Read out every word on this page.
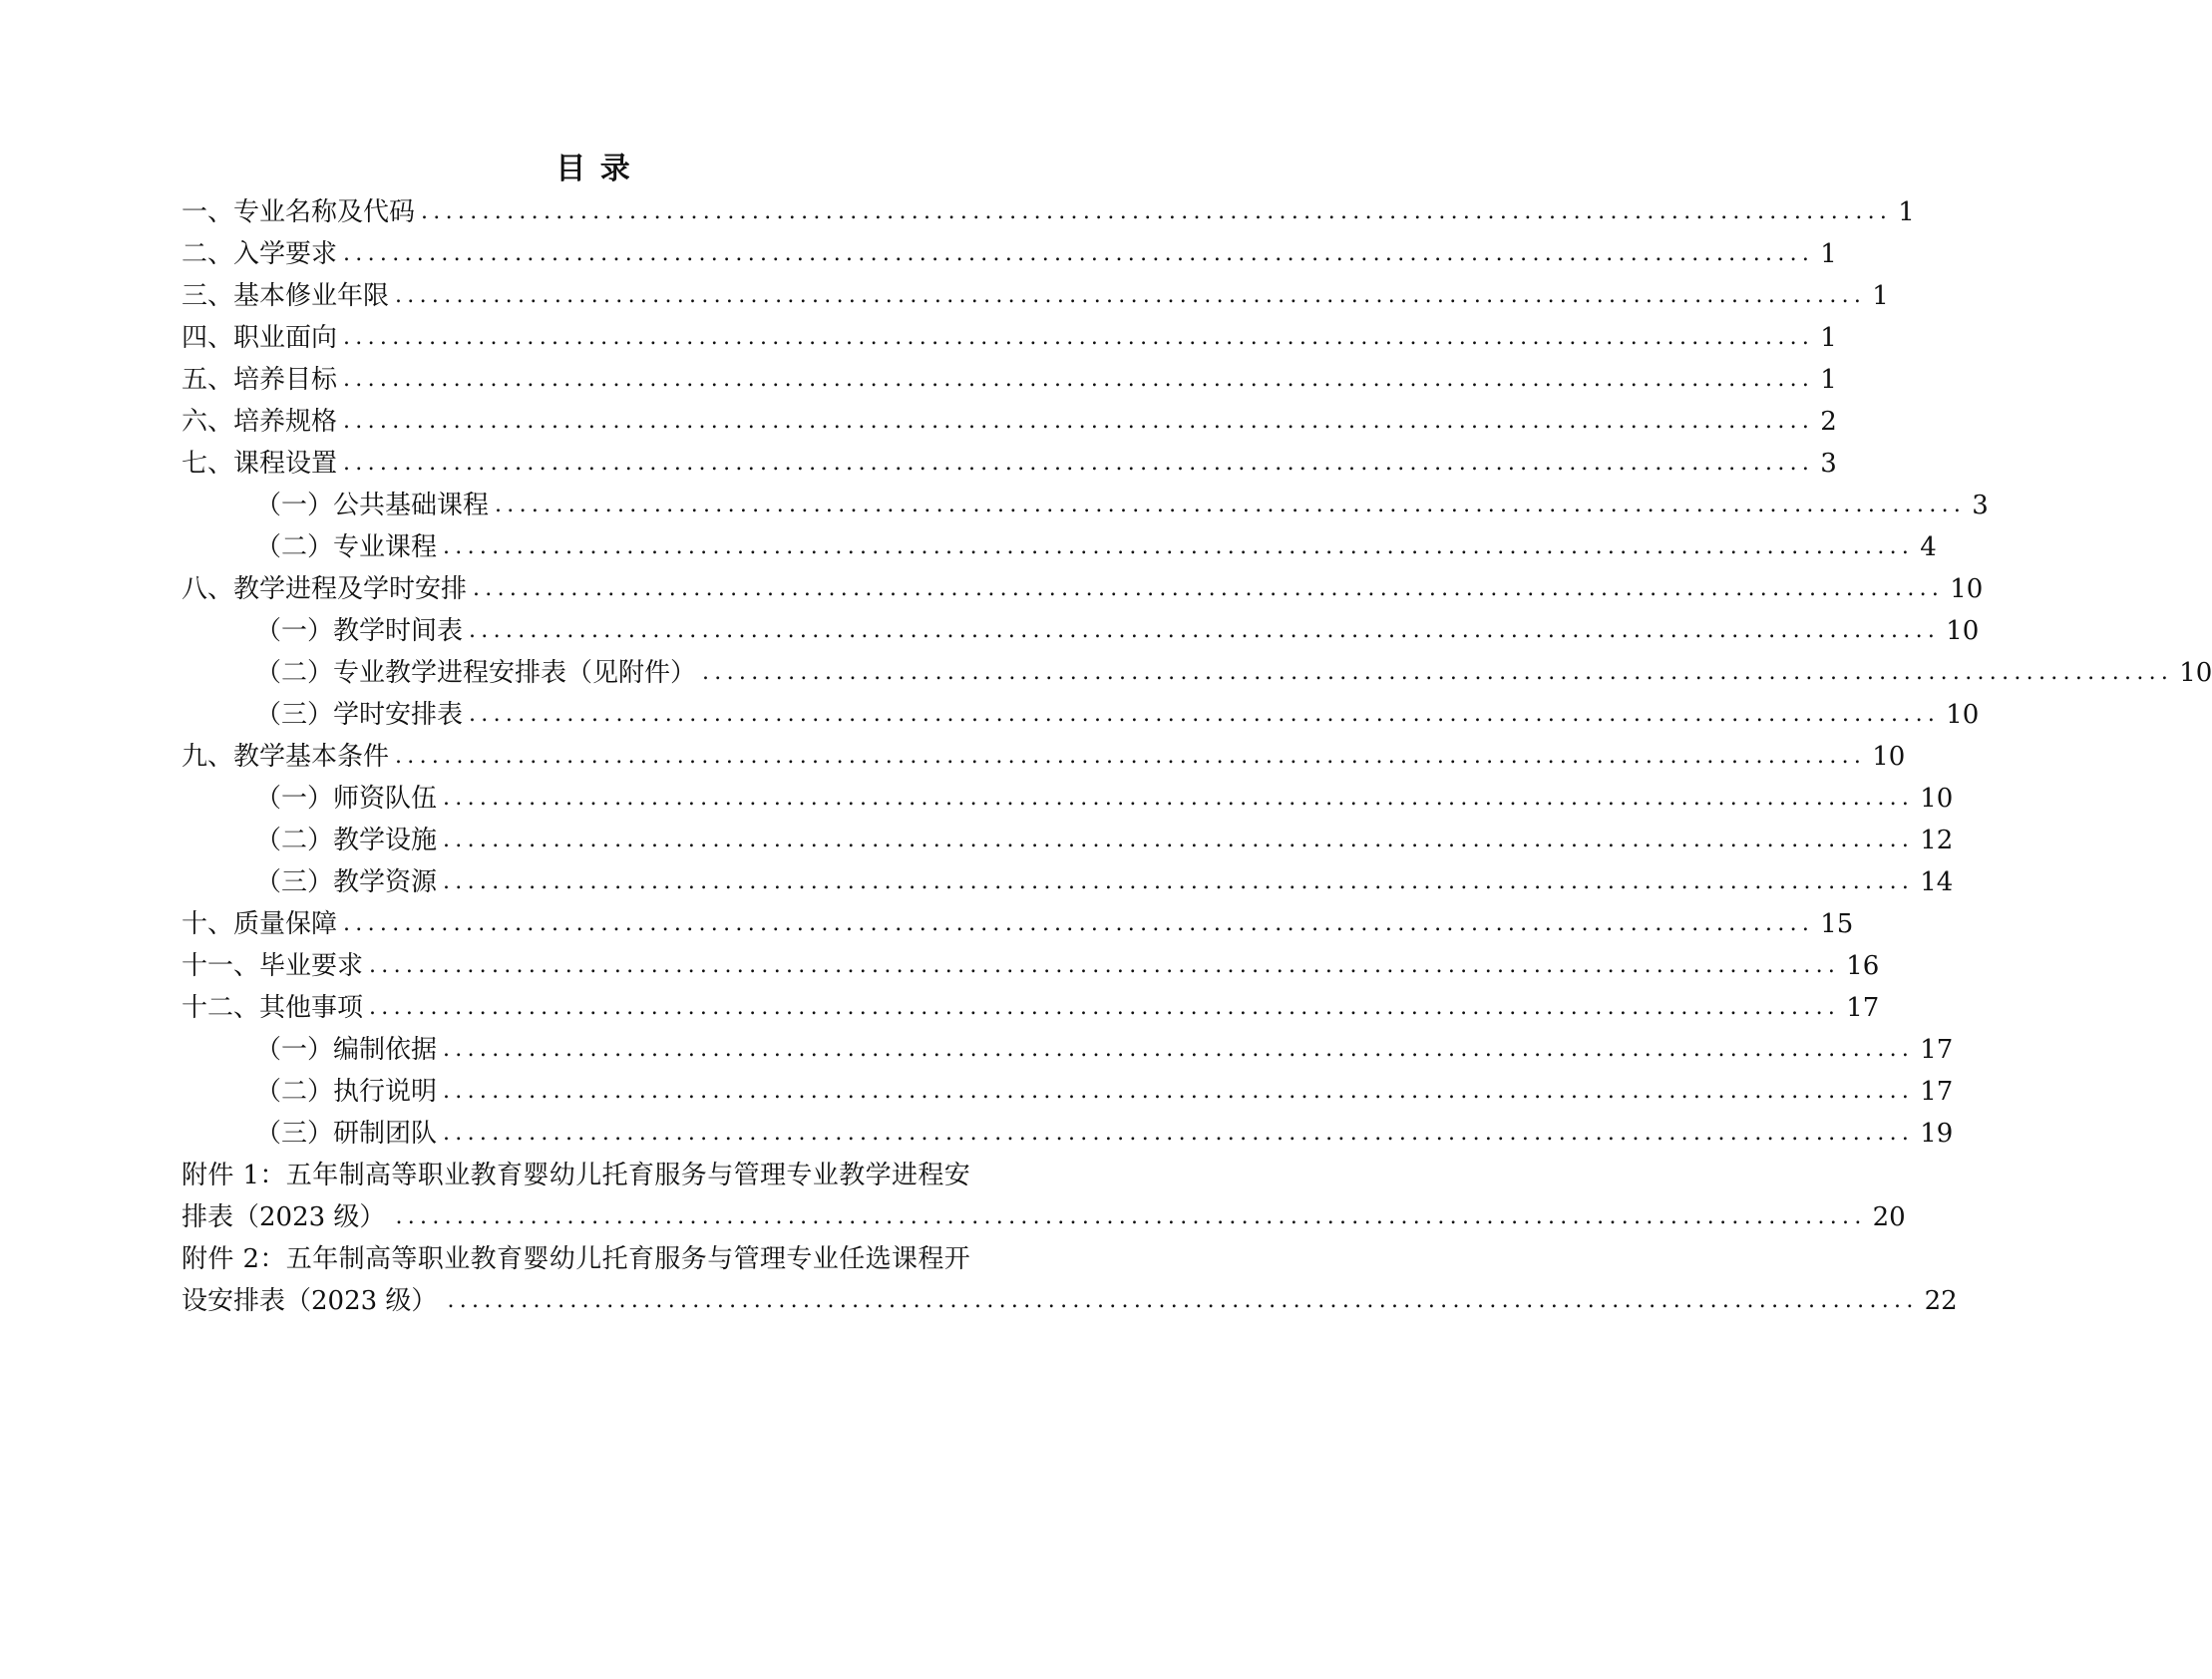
目 录
一、专业名称及代码 ........................................................................................................................ 1
二、入学要求 ........................................................................................................................ 1
三、基本修业年限 ........................................................................................................................ 1
四、职业面向 ........................................................................................................................ 1
五、培养目标 ........................................................................................................................ 1
六、培养规格 ........................................................................................................................ 2
七、课程设置 ........................................................................................................................ 3
（一）公共基础课程 ........................................................................................................................ 3
（二）专业课程 ........................................................................................................................ 4
八、教学进程及学时安排 ........................................................................................................................ 10
（一）教学时间表 ........................................................................................................................ 10
（二）专业教学进程安排表（见附件） ........................................................................................................................ 10
（三）学时安排表 ........................................................................................................................ 10
九、教学基本条件 ........................................................................................................................ 10
（一）师资队伍 ........................................................................................................................ 10
（二）教学设施 ........................................................................................................................ 12
（三）教学资源 ........................................................................................................................ 14
十、质量保障 ........................................................................................................................ 15
十一、毕业要求 ........................................................................................................................ 16
十二、其他事项 ........................................................................................................................ 17
（一）编制依据 ........................................................................................................................ 17
（二）执行说明 ........................................................................................................................ 17
（三）研制团队 ........................................................................................................................ 19
附件 1：五年制高等职业教育婴幼儿托育服务与管理专业教学进程安
排表（2023 级） ........................................................................................................................ 20
附件 2：五年制高等职业教育婴幼儿托育服务与管理专业任选课程开
设安排表（2023 级） ........................................................................................................................ 22
